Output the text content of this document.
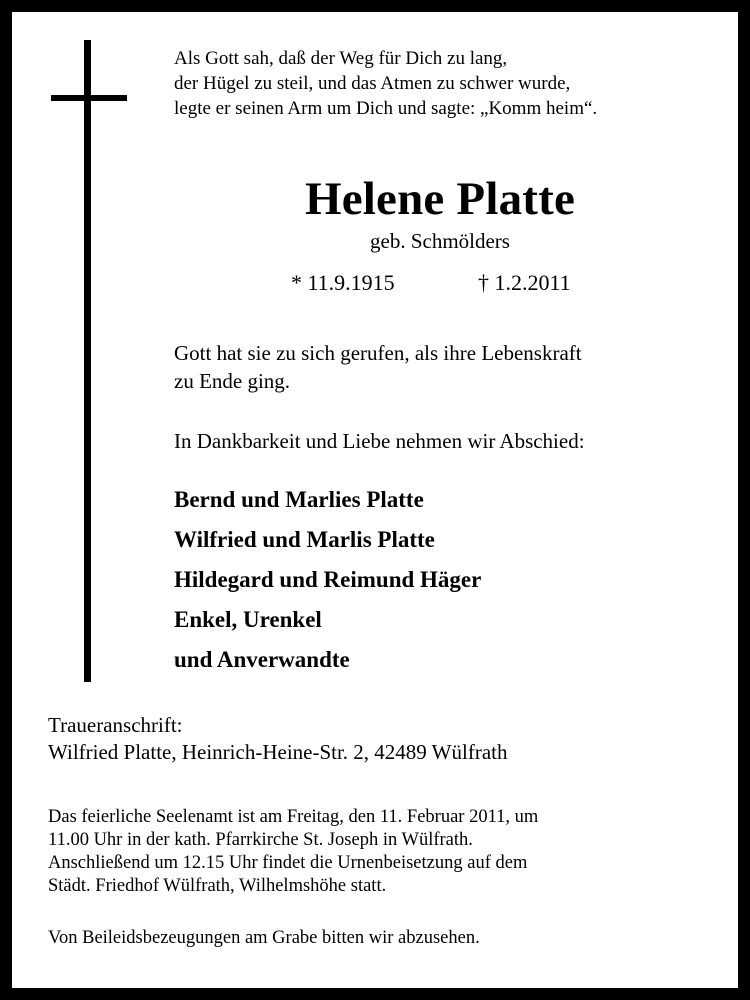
Als Gott sah, daß der Weg für Dich zu lang,
der Hügel zu steil, und das Atmen zu schwer wurde,
legte er seinen Arm um Dich und sagte: „Komm heim“.
Helene Platte
geb. Schmölders
* 11.9.1915	† 1.2.2011
Gott hat sie zu sich gerufen, als ihre Lebenskraft
zu Ende ging.
In Dankbarkeit und Liebe nehmen wir Abschied:
Bernd und Marlies Platte
Wilfried und Marlis Platte
Hildegard und Reimund Häger
Enkel, Urenkel
und Anverwandte
Traueranschrift:
Wilfried Platte, Heinrich-Heine-Str. 2, 42489 Wülfrath
Das feierliche Seelenamt ist am Freitag, den 11. Februar 2011, um
11.00 Uhr in der kath. Pfarrkirche St. Joseph in Wülfrath.
Anschließend um 12.15 Uhr findet die Urnenbeisetzung auf dem
Städt. Friedhof Wülfrath, Wilhelmshöhe statt.
Von Beileidsbezeugungen am Grabe bitten wir abzusehen.
